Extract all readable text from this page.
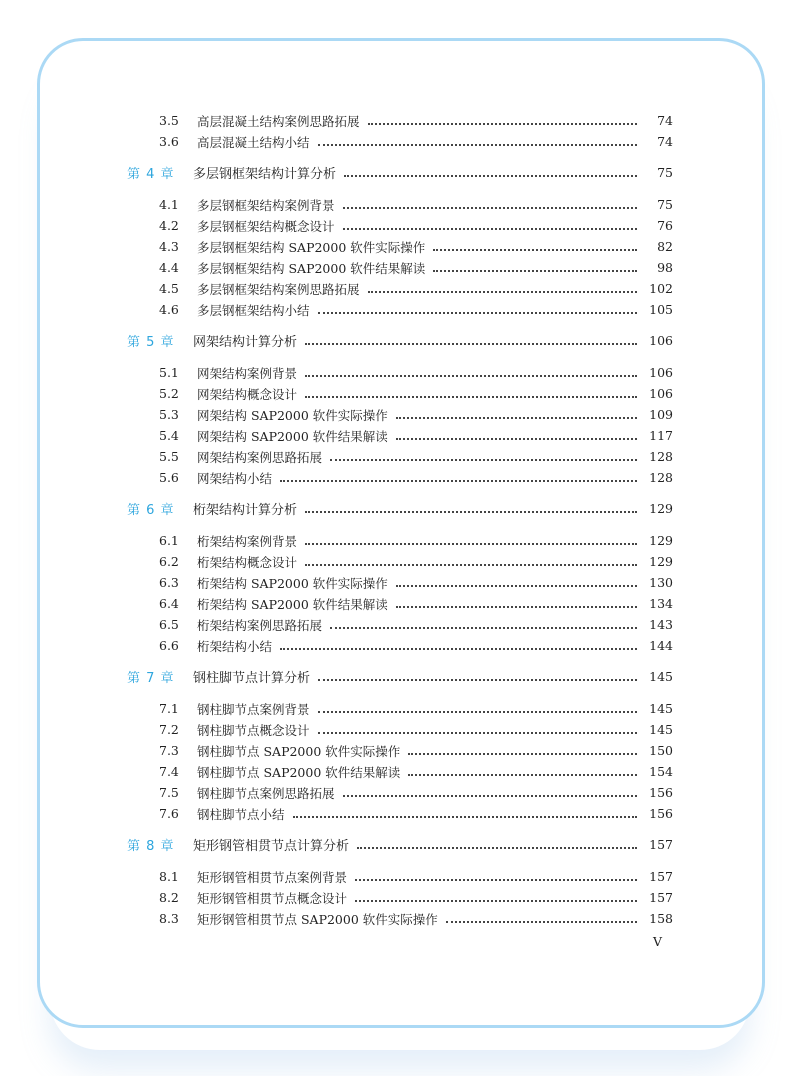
3.5	高层混凝土结构案例思路拓展	74
3.6	高层混凝土结构小结	74
第 4 章 多层钢框架结构计算分析	75
4.1	多层钢框架结构案例背景	75
4.2	多层钢框架结构概念设计	76
4.3	多层钢框架结构 SAP2000 软件实际操作	82
4.4	多层钢框架结构 SAP2000 软件结果解读	98
4.5	多层钢框架结构案例思路拓展	102
4.6	多层钢框架结构小结	105
第 5 章 网架结构计算分析	106
5.1	网架结构案例背景	106
5.2	网架结构概念设计	106
5.3	网架结构 SAP2000 软件实际操作	109
5.4	网架结构 SAP2000 软件结果解读	117
5.5	网架结构案例思路拓展	128
5.6	网架结构小结	128
第 6 章 桁架结构计算分析	129
6.1	桁架结构案例背景	129
6.2	桁架结构概念设计	129
6.3	桁架结构 SAP2000 软件实际操作	130
6.4	桁架结构 SAP2000 软件结果解读	134
6.5	桁架结构案例思路拓展	143
6.6	桁架结构小结	144
第 7 章 钢柱脚节点计算分析	145
7.1	钢柱脚节点案例背景	145
7.2	钢柱脚节点概念设计	145
7.3	钢柱脚节点 SAP2000 软件实际操作	150
7.4	钢柱脚节点 SAP2000 软件结果解读	154
7.5	钢柱脚节点案例思路拓展	156
7.6	钢柱脚节点小结	156
第 8 章 矩形钢管相贯节点计算分析	157
8.1	矩形钢管相贯节点案例背景	157
8.2	矩形钢管相贯节点概念设计	157
8.3	矩形钢管相贯节点 SAP2000 软件实际操作	158
V
